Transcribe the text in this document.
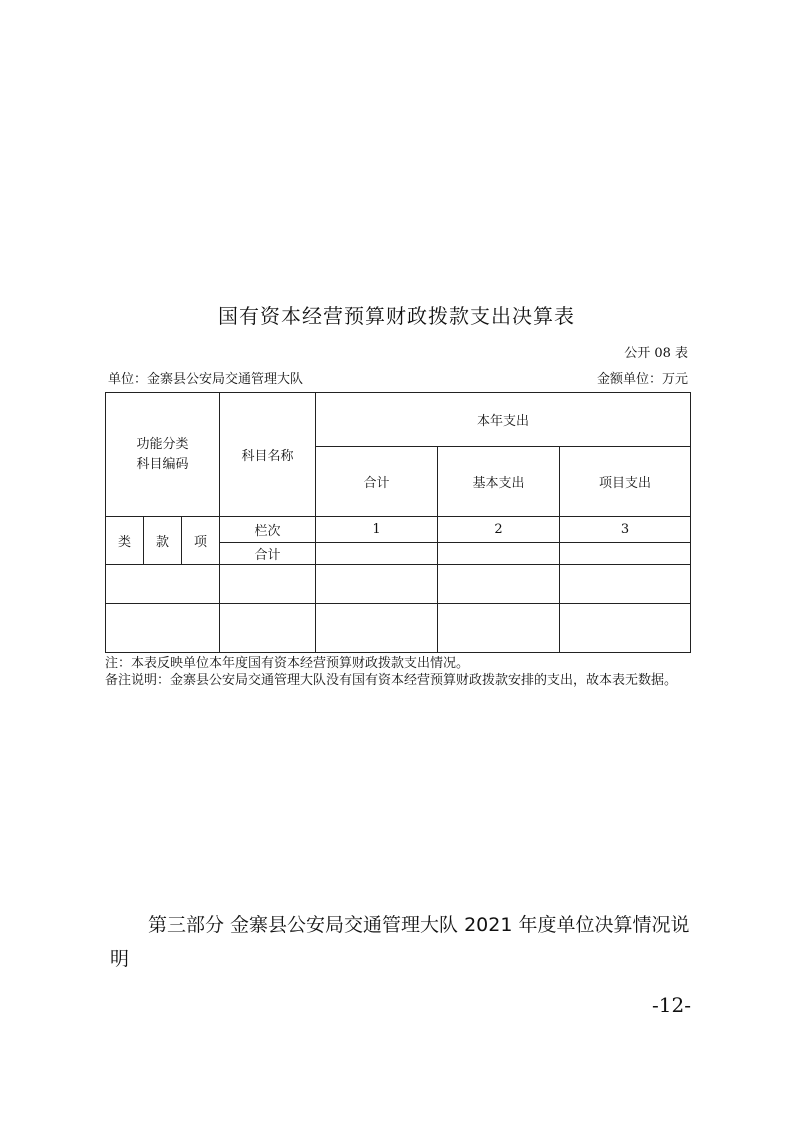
国有资本经营预算财政拨款支出决算表
公开 08 表
单位：金寨县公安局交通管理大队	金额单位：万元
功能分类
科目编码			科目名称	本年支出		
				合计	基本支出	项目支出
类	款	项	栏次	1	2	3
			合计			

注：本表反映单位本年度国有资本经营预算财政拨款支出情况。

备注说明：金寨县公安局交通管理大队没有国有资本经营预算财政拨款安排的支出，故本表无数据。

第三部分 金寨县公安局交通管理大队 2021 年度单位决算情况说明
-12-
